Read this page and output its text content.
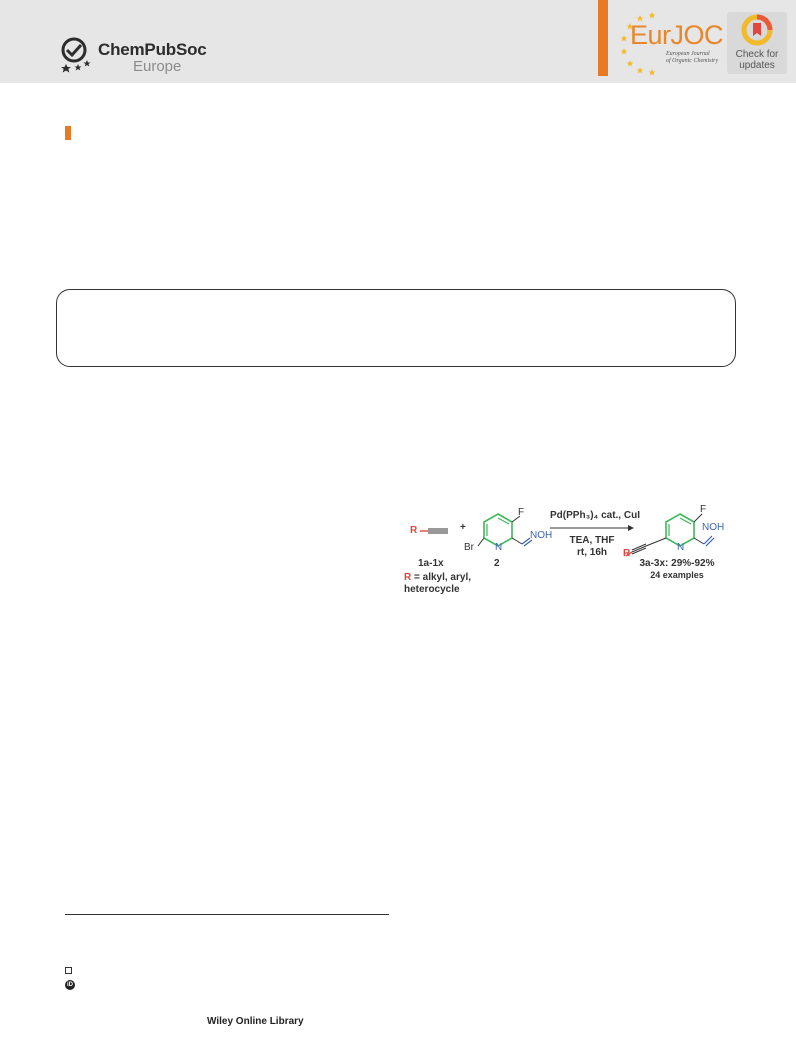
ChemPubSoc
Europe
EurJOC
European Journal
of Organic Chemistry
Check for
updates
R	+
F
Br N
NOH
N
F
NOH
R
1a-1x	2
R = alkyl, aryl,
heterocycle
Pd(PPh₃)₄ cat., CuI
TEA, THF
rt, 16h
3a-3x: 29%-92%
24 examples
iD
Wiley Online Library
